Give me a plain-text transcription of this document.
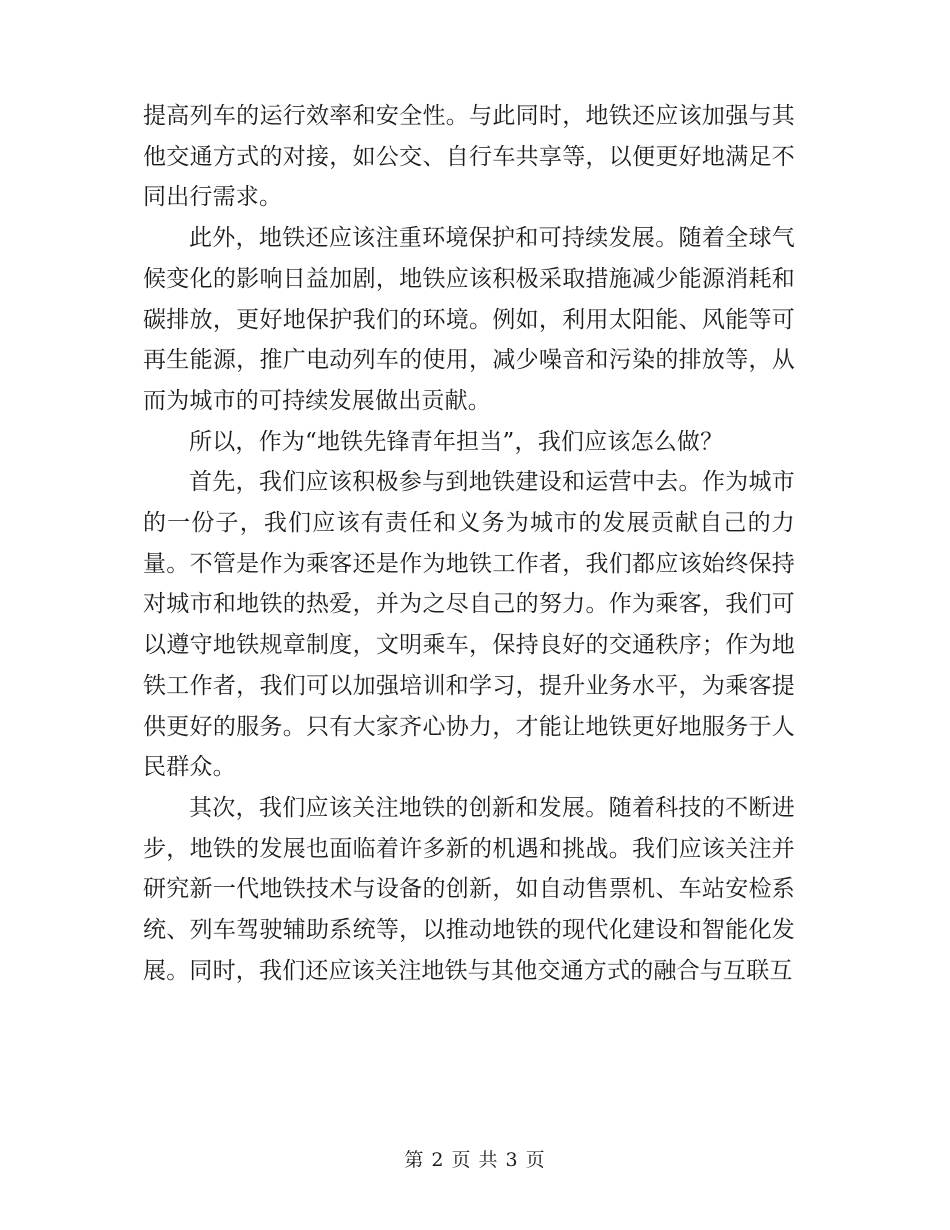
提高列车的运行效率和安全性。与此同时，地铁还应该加强与其他交通方式的对接，如公交、自行车共享等，以便更好地满足不同出行需求。

此外，地铁还应该注重环境保护和可持续发展。随着全球气候变化的影响日益加剧，地铁应该积极采取措施减少能源消耗和碳排放，更好地保护我们的环境。例如，利用太阳能、风能等可再生能源，推广电动列车的使用，减少噪音和污染的排放等，从而为城市的可持续发展做出贡献。

所以，作为“地铁先锋青年担当”，我们应该怎么做？

首先，我们应该积极参与到地铁建设和运营中去。作为城市的一份子，我们应该有责任和义务为城市的发展贡献自己的力量。不管是作为乘客还是作为地铁工作者，我们都应该始终保持对城市和地铁的热爱，并为之尽自己的努力。作为乘客，我们可以遵守地铁规章制度，文明乘车，保持良好的交通秩序；作为地铁工作者，我们可以加强培训和学习，提升业务水平，为乘客提供更好的服务。只有大家齐心协力，才能让地铁更好地服务于人民群众。

其次，我们应该关注地铁的创新和发展。随着科技的不断进步，地铁的发展也面临着许多新的机遇和挑战。我们应该关注并研究新一代地铁技术与设备的创新，如自动售票机、车站安检系统、列车驾驶辅助系统等，以推动地铁的现代化建设和智能化发展。同时，我们还应该关注地铁与其他交通方式的融合与互联互

第 2 页 共 3 页
